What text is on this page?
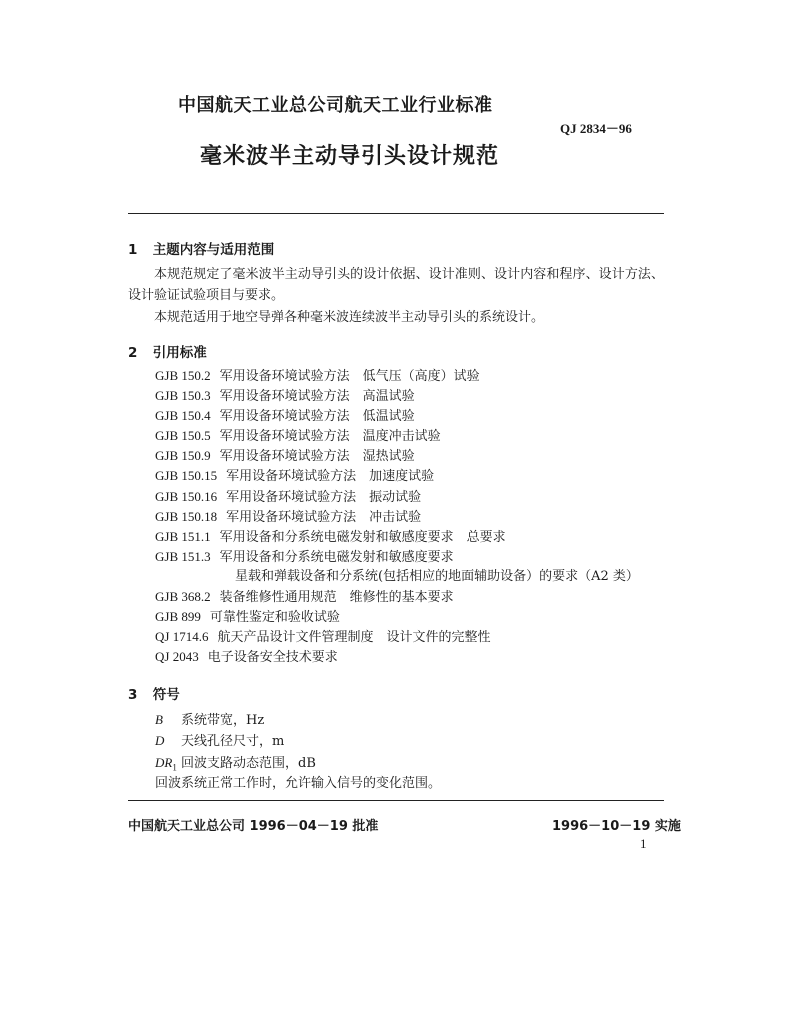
中国航天工业总公司航天工业行业标准
QJ 2834－96
毫米波半主动导引头设计规范
1 主题内容与适用范围

本规范规定了毫米波半主动导引头的设计依据、设计准则、设计内容和程序、设计方法、设计验证试验项目与要求。

本规范适用于地空导弹各种毫米波连续波半主动导引头的系统设计。

2 引用标准
GJB 150.2 军用设备环境试验方法　低气压（高度）试验
GJB 150.3 军用设备环境试验方法　高温试验
GJB 150.4 军用设备环境试验方法　低温试验
GJB 150.5 军用设备环境试验方法　温度冲击试验
GJB 150.9 军用设备环境试验方法　湿热试验
GJB 150.15 军用设备环境试验方法　加速度试验
GJB 150.16 军用设备环境试验方法　振动试验
GJB 150.18 军用设备环境试验方法　冲击试验
GJB 151.1 军用设备和分系统电磁发射和敏感度要求　总要求
GJB 151.3 军用设备和分系统电磁发射和敏感度要求
星载和弹载设备和分系统(包括相应的地面辅助设备）的要求（A2 类）
GJB 368.2 装备维修性通用规范　维修性的基本要求
GJB 899 可靠性鉴定和验收试验
QJ 1714.6 航天产品设计文件管理制度　设计文件的完整性
QJ 2043 电子设备安全技术要求
3 符号
B 系统带宽，Hz
D 天线孔径尺寸，m
$DR_1$ 回波支路动态范围，dB
回波系统正常工作时，允许输入信号的变化范围。
中国航天工业总公司 1996－04－19 批准	1996－10－19 实施
1
